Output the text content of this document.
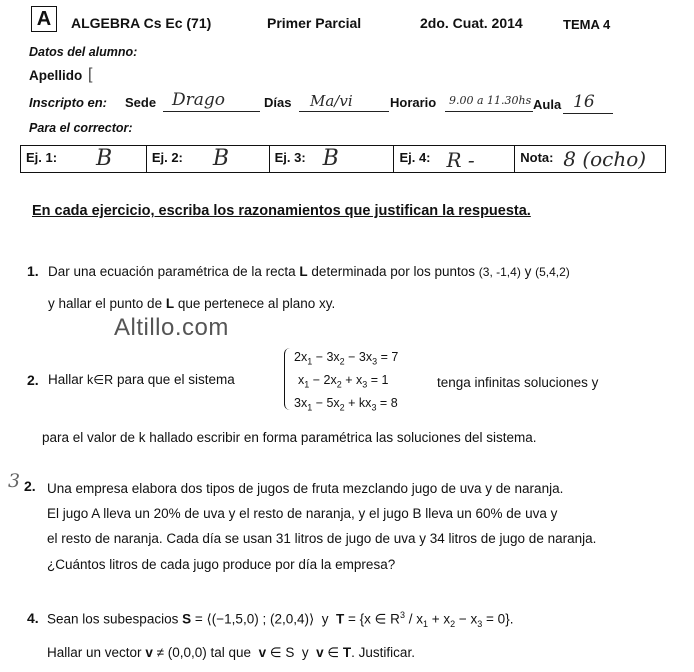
A ALGEBRA Cs Ec (71)	Primer Parcial	2do. Cuat. 2014	TEMA 4
Datos del alumno:
Apellido [
Inscripto en: Sede Drago	Días Ma/vi	Horario 9.00 a 11.30hs Aula 16
Para el corrector:
Ej. 1: B	Ej. 2: B	Ej. 3: B	Ej. 4: R -	Nota: 8 (ocho)
En cada ejercicio, escriba los razonamientos que justifican la respuesta.
1. Dar una ecuación paramétrica de la recta L determinada por los puntos (3, -1,4) y (5,4,2)
y hallar el punto de L que pertenece al plano xy.
Altillo.com
2. Hallar k∈R para que el sistema
$2x_1 - 3x_2 - 3x_3 = 7$
$x_1 - 2x_2 + x_3 = 1$
$3x_1 - 5x_2 + kx_3 = 8$
tenga infinitas soluciones y
para el valor de k hallado escribir en forma paramétrica las soluciones del sistema.
3 2. Una empresa elabora dos tipos de jugos de fruta mezclando jugo de uva y de naranja.
El jugo A lleva un 20% de uva y el resto de naranja, y el jugo B lleva un 60% de uva y
el resto de naranja. Cada día se usan 31 litros de jugo de uva y 34 litros de jugo de naranja.
¿Cuántos litros de cada jugo produce por día la empresa?
4. Sean los subespacios S = ⟨(−1,5,0) ; (2,0,4)⟩ y T = {x ∈ $R^3 / x_1 + x_2 - x_3 = 0$}.
Hallar un vector v ≠ (0,0,0) tal que v ∈ S  y  v ∈ T. Justificar.
